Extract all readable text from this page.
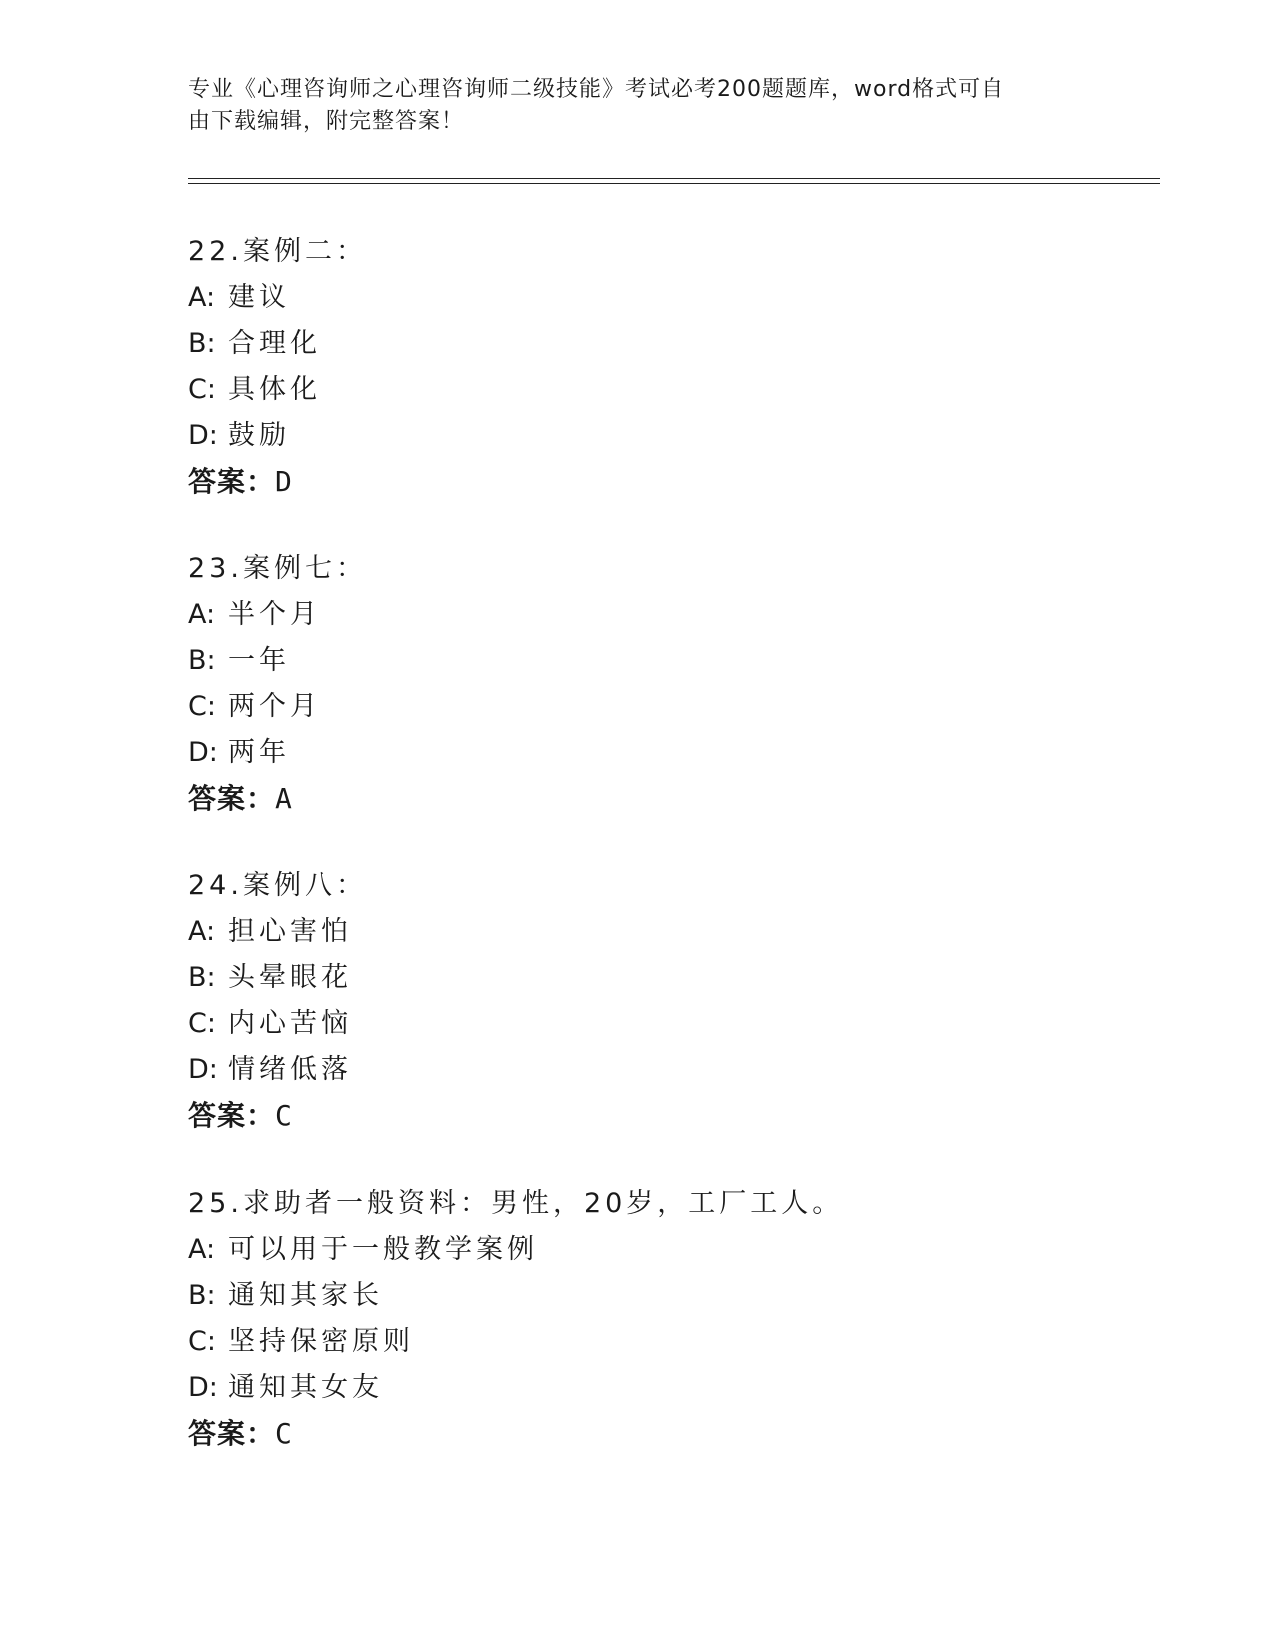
专业《心理咨询师之心理咨询师二级技能》考试必考200题题库，word格式可自
由下载编辑，附完整答案！
22.案例二：
A: 建议
B: 合理化
C: 具体化
D: 鼓励
答案：D
23.案例七：
A: 半个月
B: 一年
C: 两个月
D: 两年
答案：A
24.案例八：
A: 担心害怕
B: 头晕眼花
C: 内心苦恼
D: 情绪低落
答案：C
25.求助者一般资料：男性，20岁，工厂工人。
A: 可以用于一般教学案例
B: 通知其家长
C: 坚持保密原则
D: 通知其女友
答案：C
